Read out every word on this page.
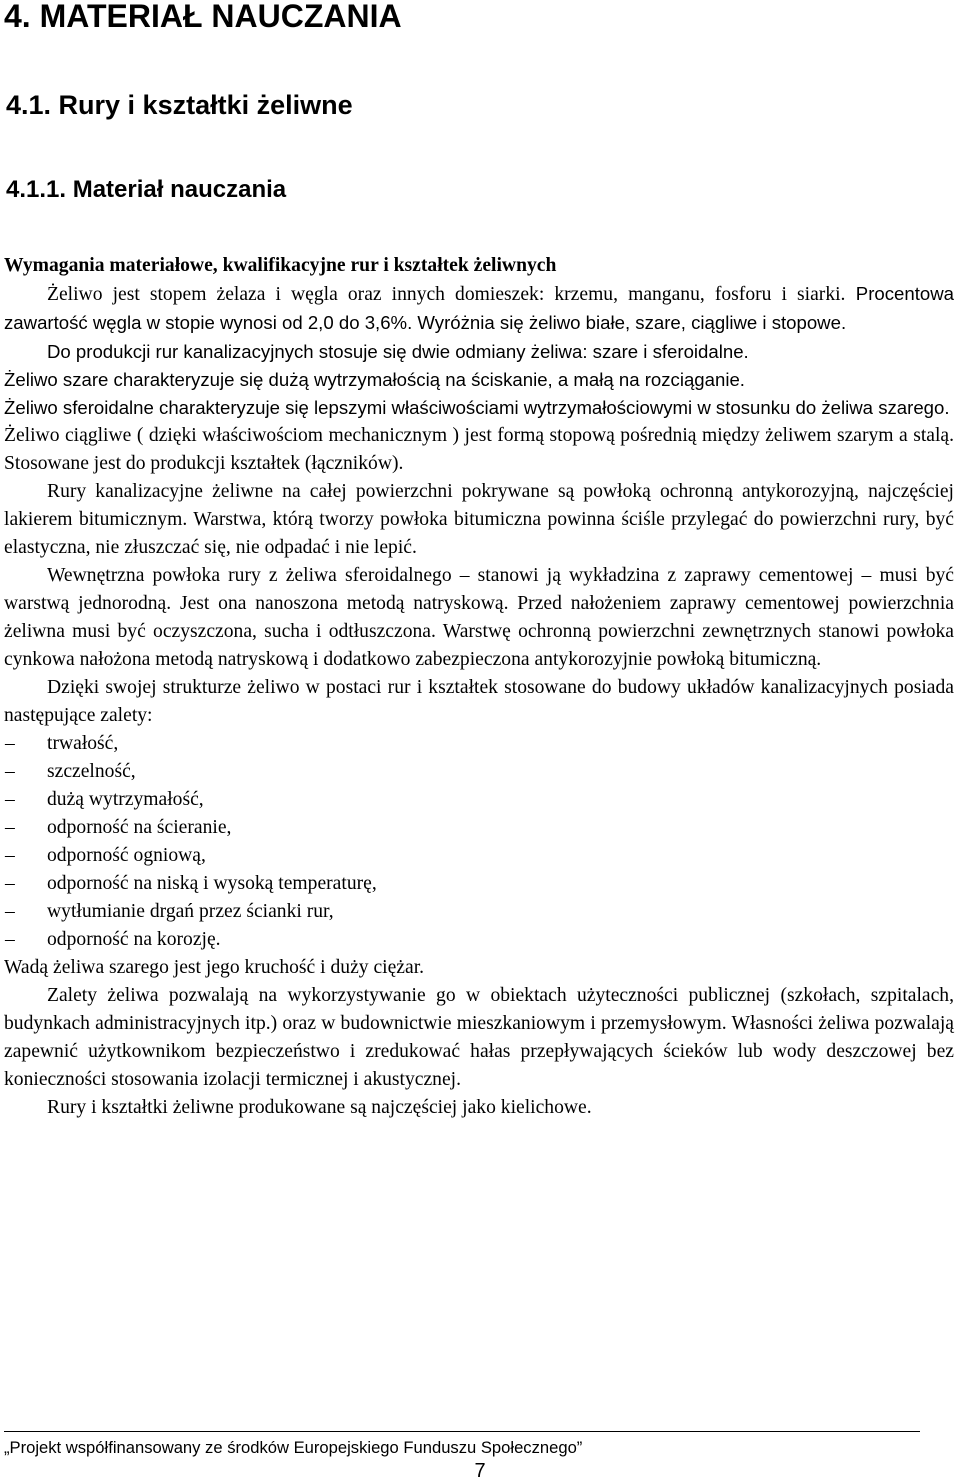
4. MATERIAŁ NAUCZANIA
4.1. Rury i kształtki żeliwne
4.1.1. Materiał nauczania

Wymagania materiałowe, kwalifikacyjne rur i kształtek żeliwnych

Żeliwo jest stopem żelaza i węgla oraz innych domieszek: krzemu, manganu, fosforu i siarki. Procentowa zawartość węgla w stopie wynosi od 2,0 do 3,6%. Wyróżnia się żeliwo białe, szare, ciągliwe i stopowe.

Do produkcji rur kanalizacyjnych stosuje się dwie odmiany żeliwa: szare i sferoidalne.

Żeliwo szare charakteryzuje się dużą wytrzymałością na ściskanie, a małą na rozciąganie.

Żeliwo sferoidalne charakteryzuje się lepszymi właściwościami wytrzymałościowymi w stosunku do żeliwa szarego.

Żeliwo ciągliwe ( dzięki właściwościom mechanicznym ) jest formą stopową pośrednią między żeliwem szarym a stalą. Stosowane jest do produkcji kształtek (łączników).

Rury kanalizacyjne żeliwne na całej powierzchni pokrywane są powłoką ochronną antykorozyjną, najczęściej lakierem bitumicznym. Warstwa, którą tworzy powłoka bitumiczna powinna ściśle przylegać do powierzchni rury, być elastyczna, nie złuszczać się, nie odpadać i nie lepić.

Wewnętrzna powłoka rury z żeliwa sferoidalnego – stanowi ją wykładzina z zaprawy cementowej – musi być warstwą jednorodną. Jest ona nanoszona metodą natryskową. Przed nałożeniem zaprawy cementowej powierzchnia żeliwna musi być oczyszczona, sucha i odtłuszczona. Warstwę ochronną powierzchni zewnętrznych stanowi powłoka cynkowa nałożona metodą natryskową i dodatkowo zabezpieczona antykorozyjnie powłoką bitumiczną.

Dzięki swojej strukturze żeliwo w postaci rur i kształtek stosowane do budowy układów kanalizacyjnych posiada następujące zalety:

– trwałość,
– szczelność,
– dużą wytrzymałość,
– odporność na ścieranie,
– odporność ogniową,
– odporność na niską i wysoką temperaturę,
– wytłumianie drgań przez ścianki rur,
– odporność na korozję.

Wadą żeliwa szarego jest jego kruchość i duży ciężar.

Zalety żeliwa pozwalają na wykorzystywanie go w obiektach użyteczności publicznej (szkołach, szpitalach, budynkach administracyjnych itp.) oraz w budownictwie mieszkaniowym i przemysłowym. Własności żeliwa pozwalają zapewnić użytkownikom bezpieczeństwo i zredukować hałas przepływających ścieków lub wody deszczowej bez konieczności stosowania izolacji termicznej i akustycznej.

Rury i kształtki żeliwne produkowane są najczęściej jako kielichowe.

„Projekt współfinansowany ze środków Europejskiego Funduszu Społecznego”
7
